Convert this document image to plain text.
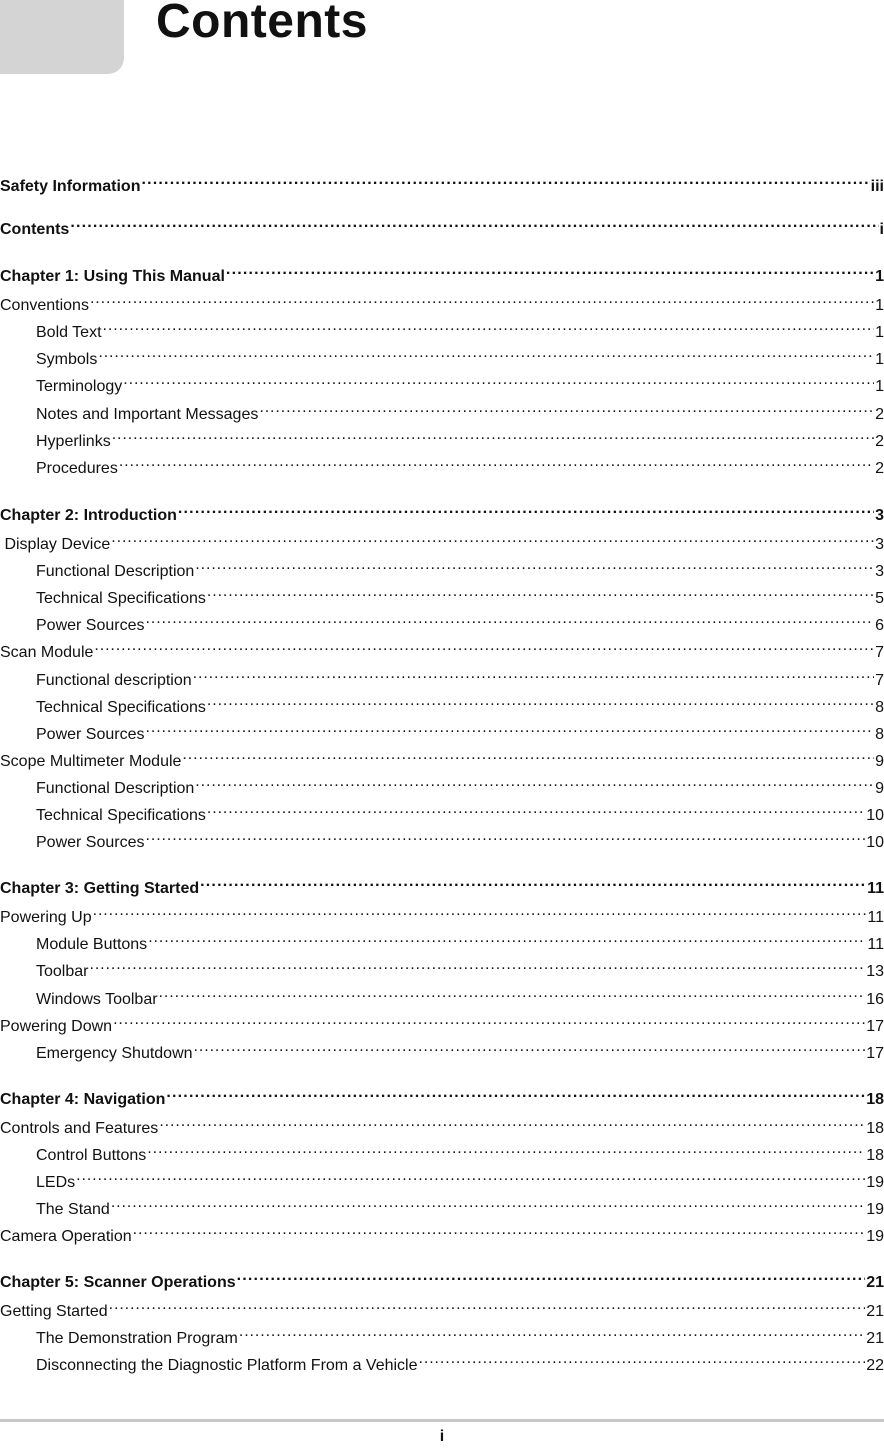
Contents
Safety Information .....	iii
Contents .....	i
Chapter 1: Using This Manual .....	1
Conventions .....	1
Bold Text .....	1
Symbols .....	1
Terminology .....	1
Notes and Important Messages .....	2
Hyperlinks .....	2
Procedures .....	2
Chapter 2: Introduction .....	3
Display Device .....	3
Functional Description .....	3
Technical Specifications .....	5
Power Sources .....	6
Scan Module .....	7
Functional description .....	7
Technical Specifications .....	8
Power Sources .....	8
Scope Multimeter Module .....	9
Functional Description .....	9
Technical Specifications .....	10
Power Sources .....	10
Chapter 3: Getting Started .....	11
Powering Up .....	11
Module Buttons .....	11
Toolbar .....	13
Windows Toolbar .....	16
Powering Down .....	17
Emergency Shutdown .....	17
Chapter 4: Navigation .....	18
Controls and Features .....	18
Control Buttons .....	18
LEDs .....	19
The Stand .....	19
Camera Operation .....	19
Chapter 5: Scanner Operations .....	21
Getting Started .....	21
The Demonstration Program .....	21
Disconnecting the Diagnostic Platform From a Vehicle .....	22
i
